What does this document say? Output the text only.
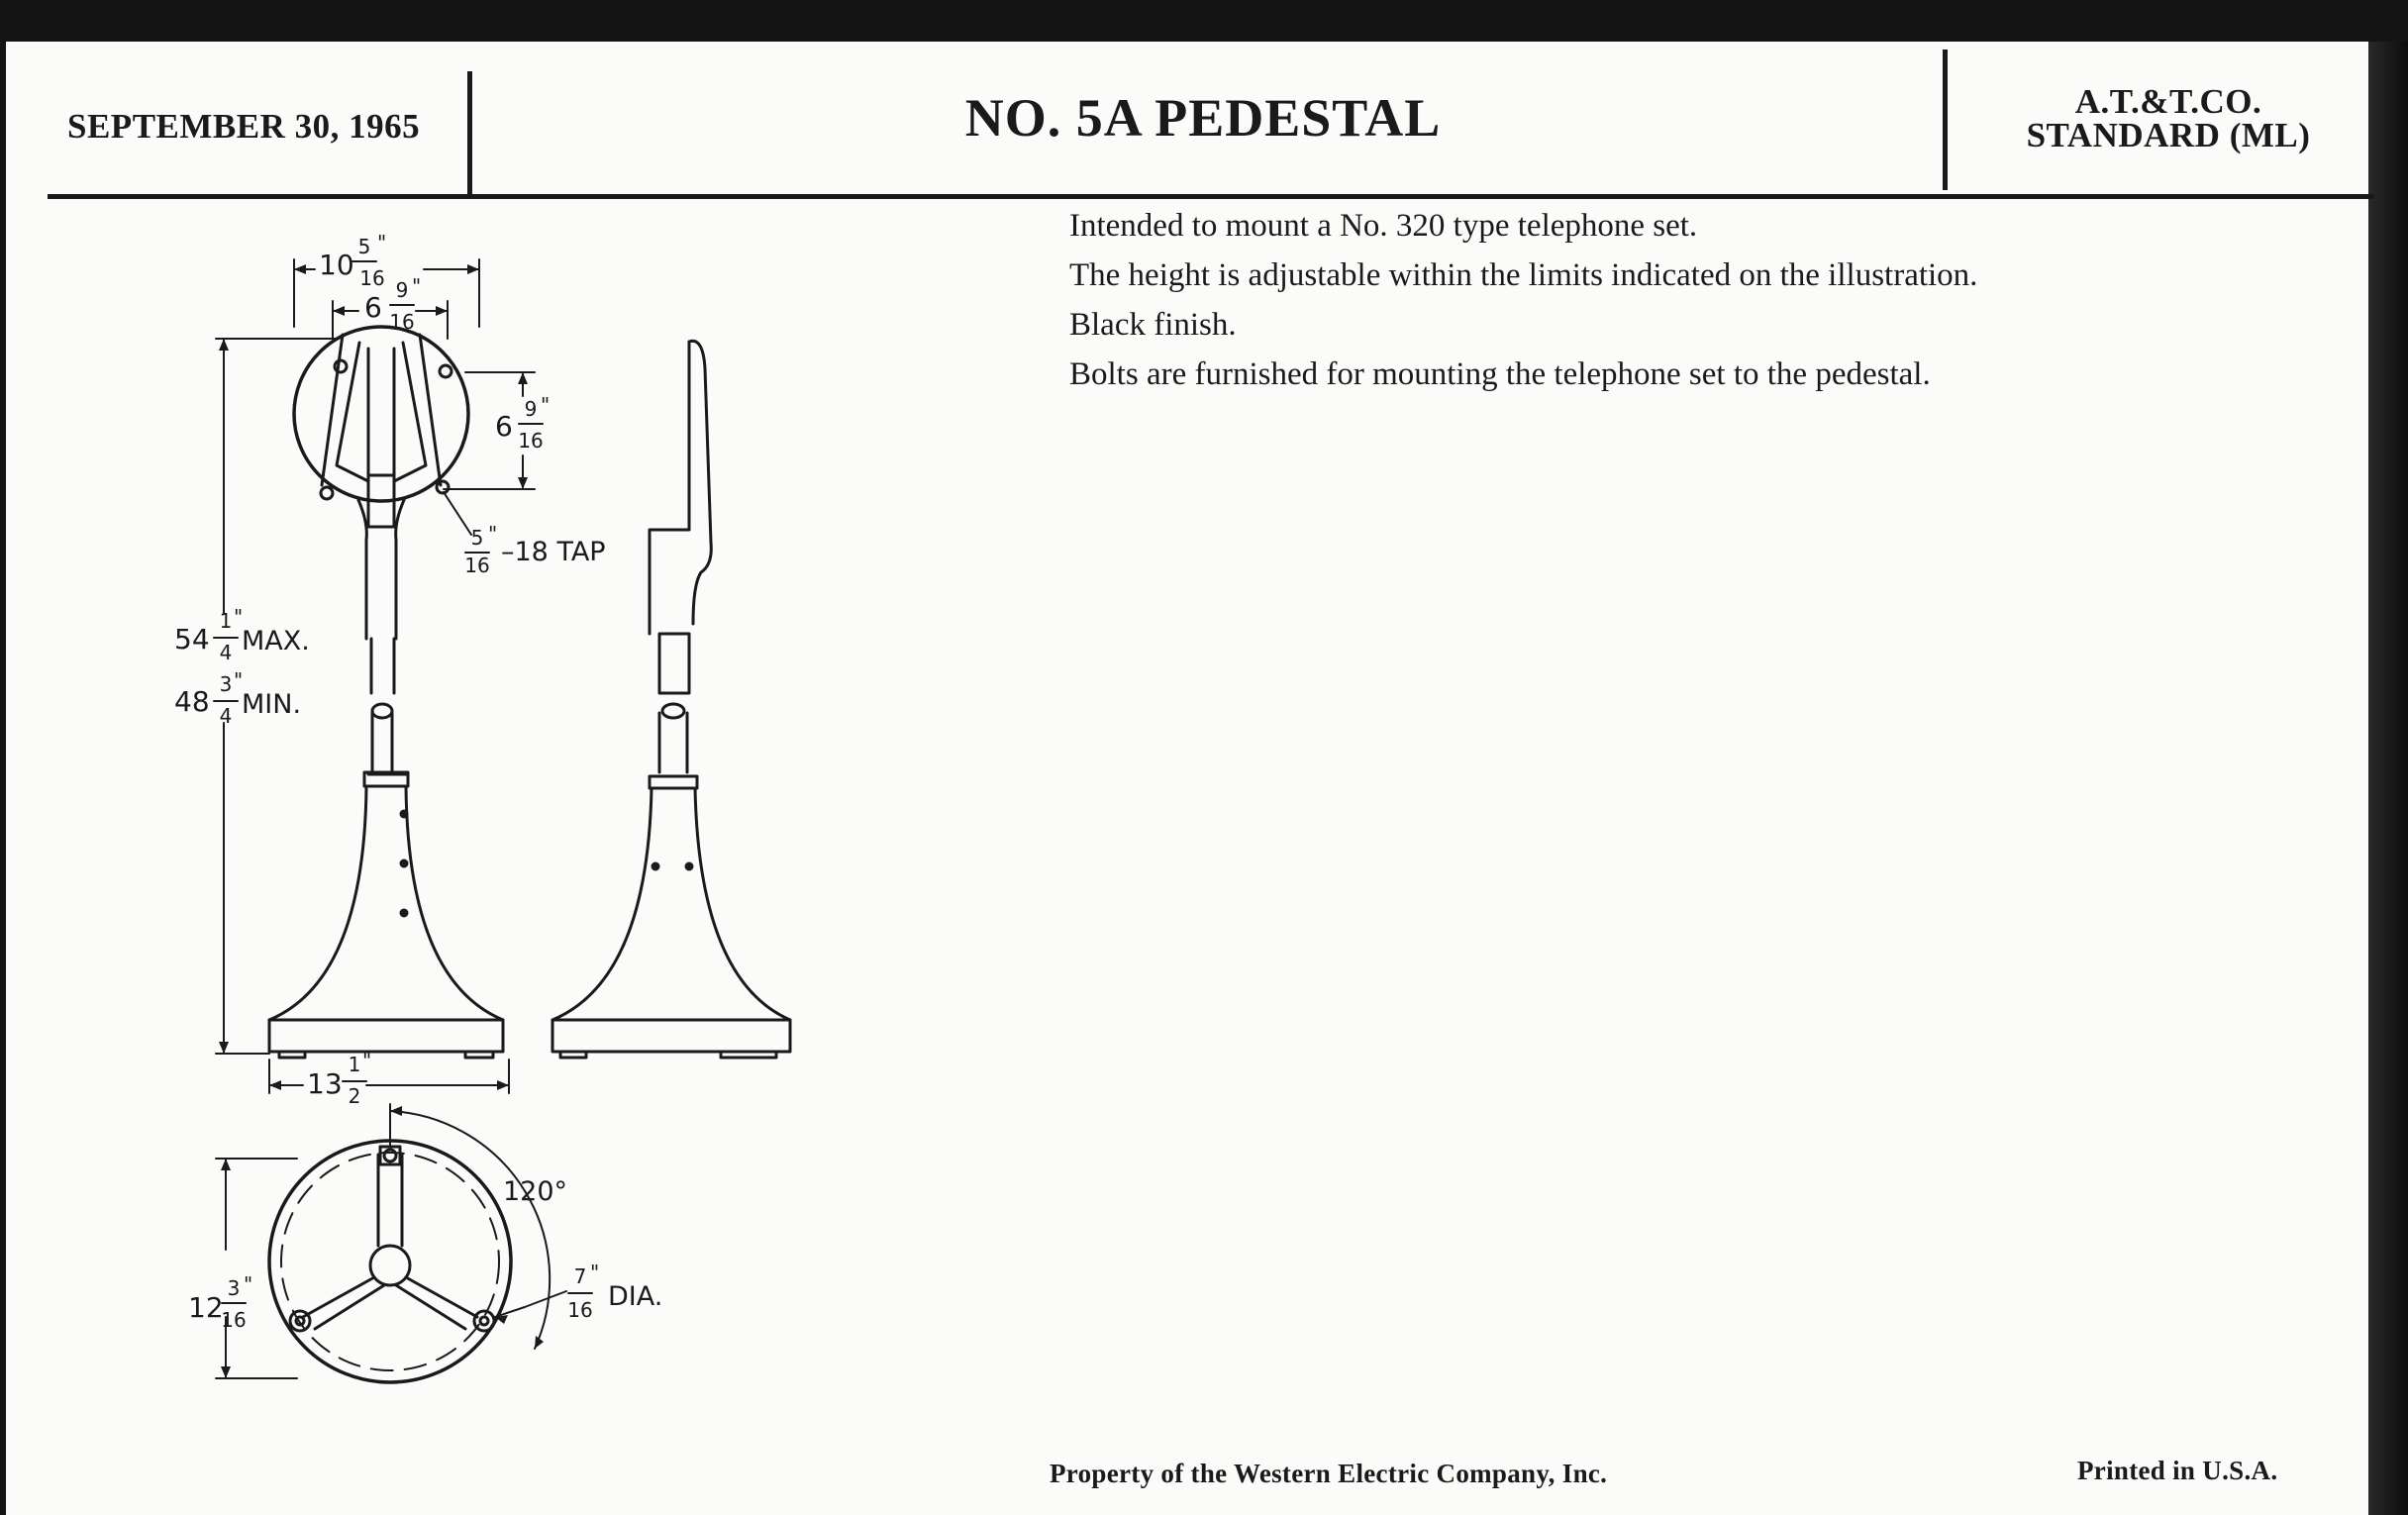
SEPTEMBER 30, 1965	NO. 5A PEDESTAL	A.T.&T.CO.
STANDARD (ML)

Intended to mount a No. 320 type telephone set.

The height is adjustable within the limits indicated on the illustration.

Black finish.

Bolts are furnished for mounting the telephone set to the pedestal.

10
5 "
16
6
9 "
16
6
9 "
16
5 "
16 –18 TAP
54
1 "
4 MAX.
48
3 "
4 MIN.
13
1 "
2
120°
12
3 "
16
7 "
16 DIA.
Property of the Western Electric Company, Inc.	Printed in U.S.A.
